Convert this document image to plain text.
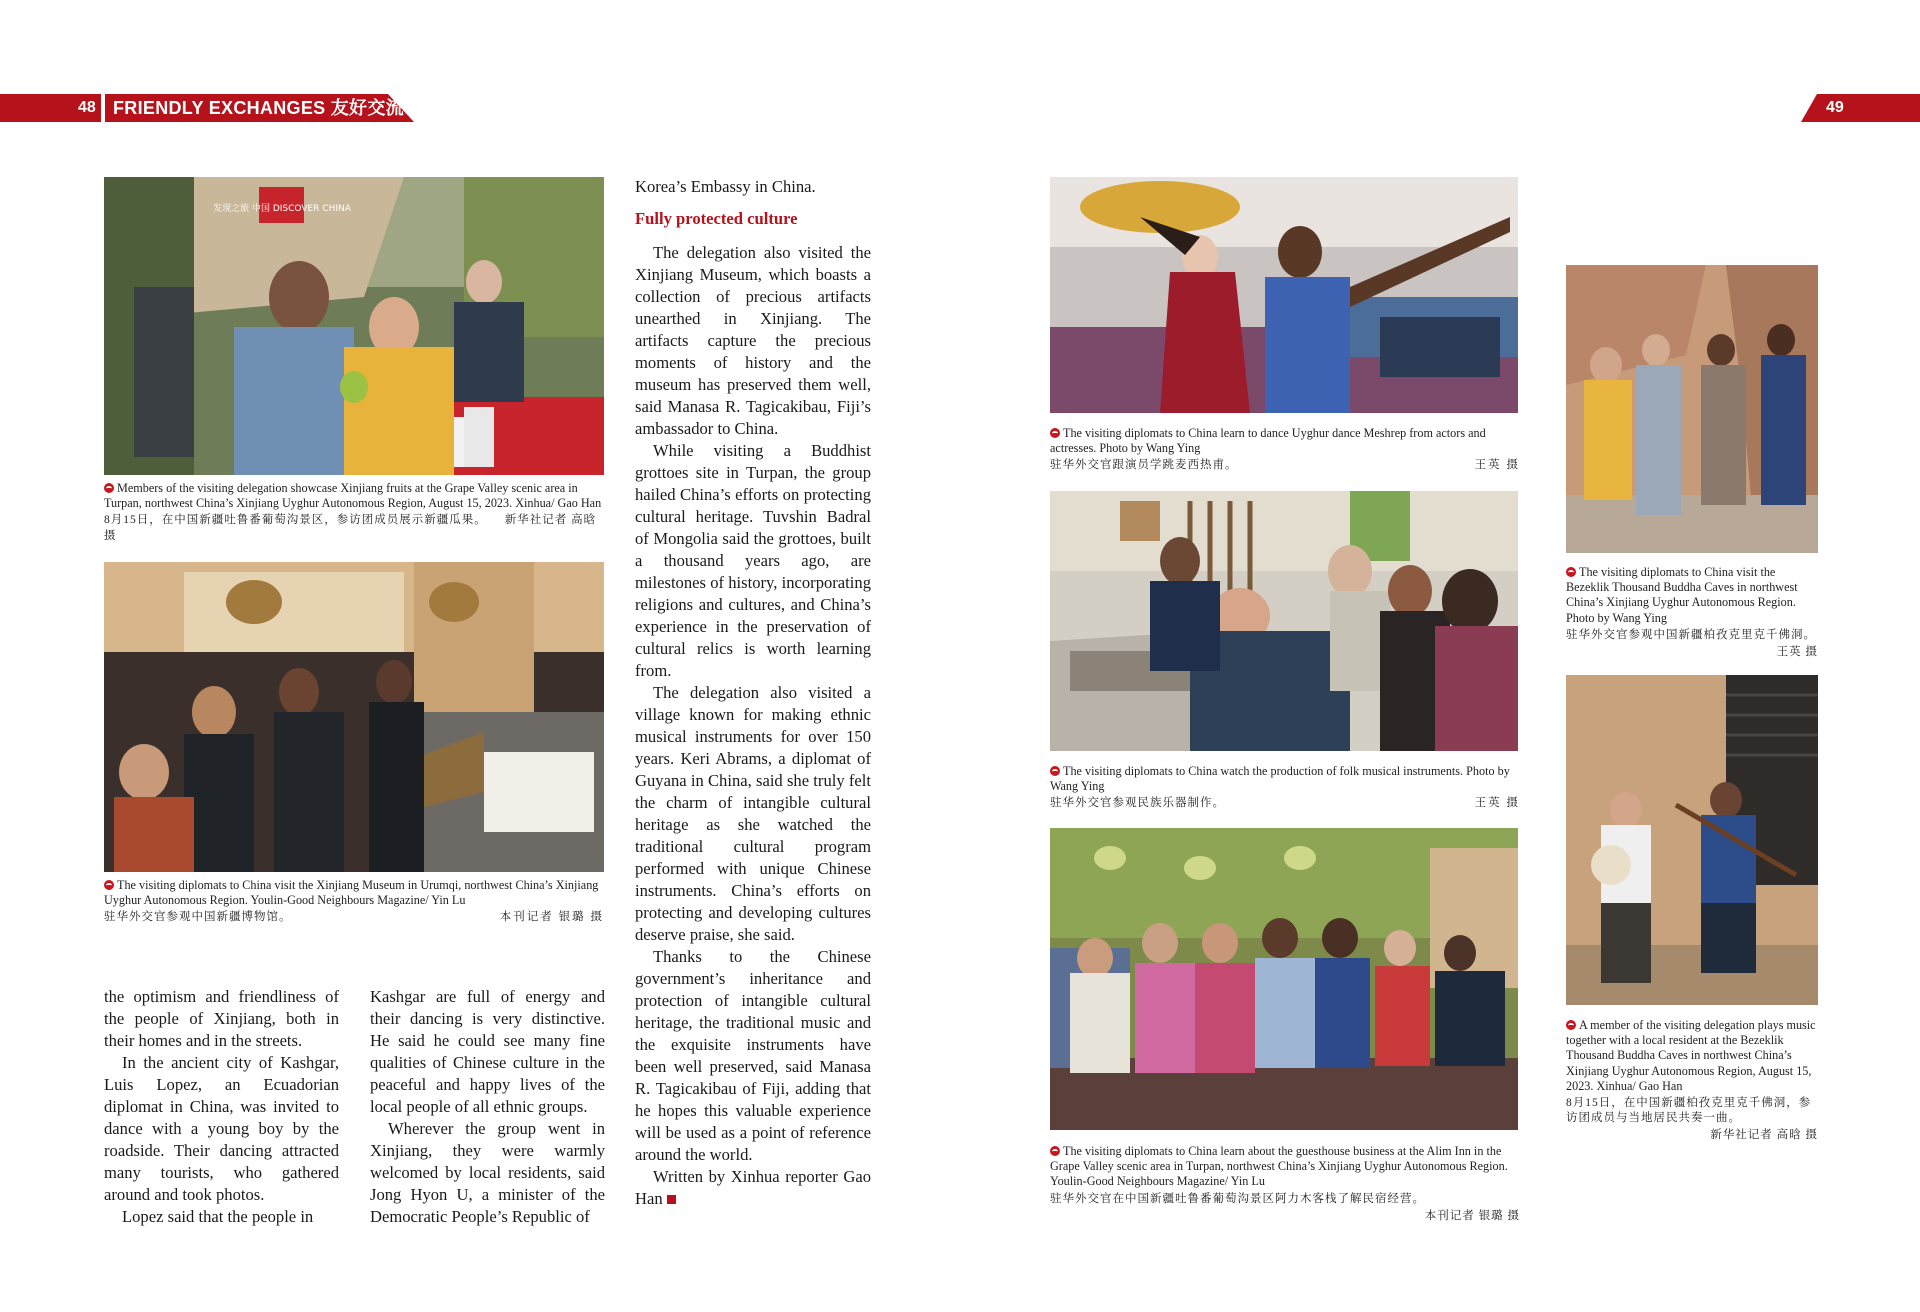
48 FRIENDLY EXCHANGES 友好交流	49
发现之旅 中国 DISCOVER CHINA
Members of the visiting delegation showcase Xinjiang fruits at the Grape Valley scenic area in Turpan, northwest China’s Xinjiang Uyghur Autonomous Region, August 15, 2023. Xinhua/ Gao Han
8月15日，在中国新疆吐鲁番葡萄沟景区，参访团成员展示新疆瓜果。 新华社记者 高晗 摄
The visiting diplomats to China visit the Xinjiang Museum in Urumqi, northwest China’s Xinjiang Uyghur Autonomous Region. Youlin-Good Neighbours Magazine/ Yin Lu
驻华外交官参观中国新疆博物馆。	本刊记者 银璐 摄

the optimism and friendliness of the people of Xinjiang, both in their homes and in the streets.

In the ancient city of Kashgar, Luis Lopez, an Ecuadorian diplomat in China, was invited to dance with a young boy by the roadside. Their dancing attracted many tourists, who gathered around and took photos.

Lopez said that the people in

Kashgar are full of energy and their dancing is very distinctive. He said he could see many fine qualities of Chinese culture in the peaceful and happy lives of the local people of all ethnic groups.

Wherever the group went in Xinjiang, they were warmly welcomed by local residents, said Jong Hyon U, a minister of the Democratic People’s Republic of

Korea’s Embassy in China.

Fully protected culture

The delegation also visited the Xinjiang Museum, which boasts a collection of precious artifacts unearthed in Xinjiang. The artifacts capture the precious moments of history and the museum has preserved them well, said Manasa R. Tagicakibau, Fiji’s ambassador to China.

While visiting a Buddhist grottoes site in Turpan, the group hailed China’s efforts on protecting cultural heritage. Tuvshin Badral of Mongolia said the grottoes, built a thousand years ago, are milestones of history, incorporating religions and cultures, and China’s experience in the preservation of cultural relics is worth learning from.

The delegation also visited a village known for making ethnic musical instruments for over 150 years. Keri Abrams, a diplomat of Guyana in China, said she truly felt the charm of intangible cultural heritage as she watched the traditional cultural program performed with unique Chinese instruments. China’s efforts on protecting and developing cultures deserve praise, she said.

Thanks to the Chinese government’s inheritance and protection of intangible cultural heritage, the traditional music and the exquisite instruments have been well preserved, said Manasa R. Tagicakibau of Fiji, adding that he hopes this valuable experience will be used as a point of reference around the world.

Written by Xinhua reporter Gao Han

The visiting diplomats to China learn to dance Uyghur dance Meshrep from actors and actresses. Photo by Wang Ying
驻华外交官跟演员学跳麦西热甫。	王英 摄
The visiting diplomats to China watch the production of folk musical instruments. Photo by Wang Ying
驻华外交官参观民族乐器制作。	王英 摄
The visiting diplomats to China learn about the guesthouse business at the Alim Inn in the Grape Valley scenic area in Turpan, northwest China’s Xinjiang Uyghur Autonomous Region. Youlin-Good Neighbours Magazine/ Yin Lu
驻华外交官在中国新疆吐鲁番葡萄沟景区阿力木客栈了解民宿经营。
本刊记者 银璐 摄
The visiting diplomats to China visit the Bezeklik Thousand Buddha Caves in northwest China’s Xinjiang Uyghur Autonomous Region. Photo by Wang Ying
驻华外交官参观中国新疆柏孜克里克千佛洞。
王英 摄
A member of the visiting delegation plays music together with a local resident at the Bezeklik Thousand Buddha Caves in northwest China’s Xinjiang Uyghur Autonomous Region, August 15, 2023. Xinhua/ Gao Han
8月15日，在中国新疆柏孜克里克千佛洞，参访团成员与当地居民共奏一曲。
新华社记者 高晗 摄
